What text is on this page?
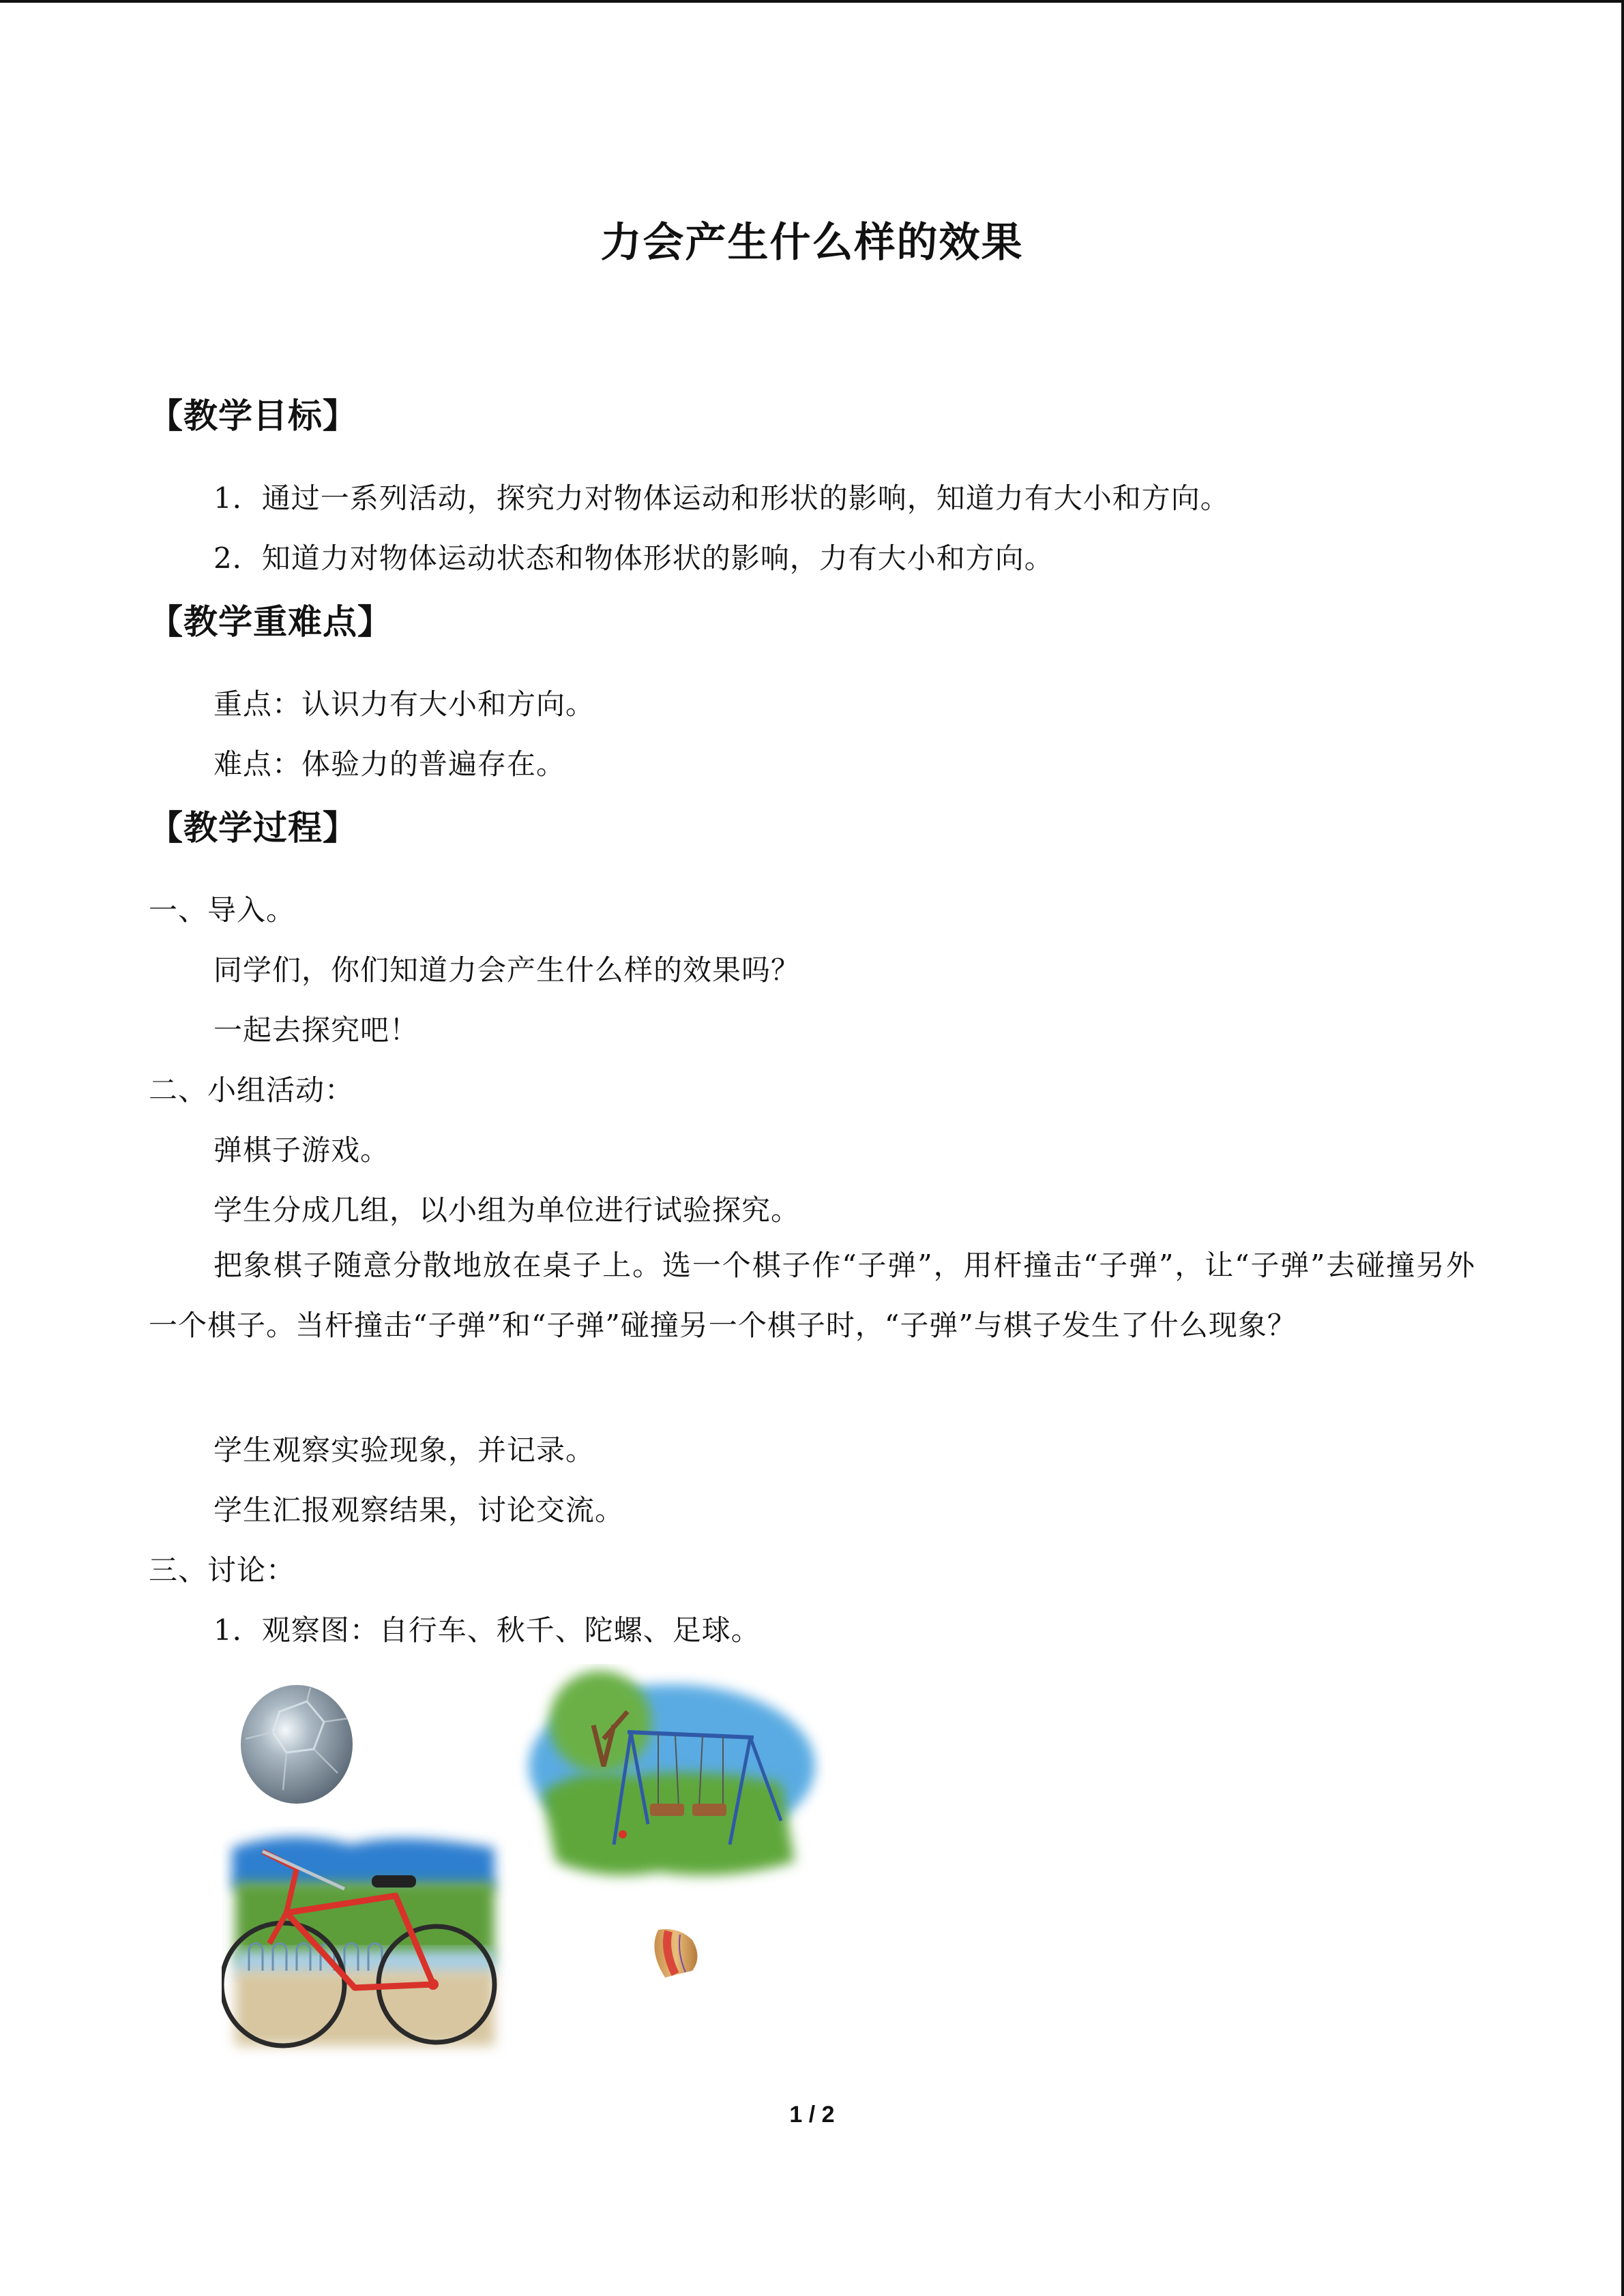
力会产生什么样的效果
【教学目标】
1．通过一系列活动，探究力对物体运动和形状的影响，知道力有大小和方向。
2．知道力对物体运动状态和物体形状的影响，力有大小和方向。
【教学重难点】
重点：认识力有大小和方向。
难点：体验力的普遍存在。
【教学过程】
一、导入。
同学们，你们知道力会产生什么样的效果吗？
一起去探究吧！
二、小组活动：
弹棋子游戏。
学生分成几组，以小组为单位进行试验探究。
把象棋子随意分散地放在桌子上。选一个棋子作“子弹”，用杆撞击“子弹”，让“子弹”去碰撞另外一个棋子。当杆撞击“子弹”和“子弹”碰撞另一个棋子时，“子弹”与棋子发生了什么现象？
学生观察实验现象，并记录。
学生汇报观察结果，讨论交流。
三、讨论：
1．观察图：自行车、秋千、陀螺、足球。
1 / 2
